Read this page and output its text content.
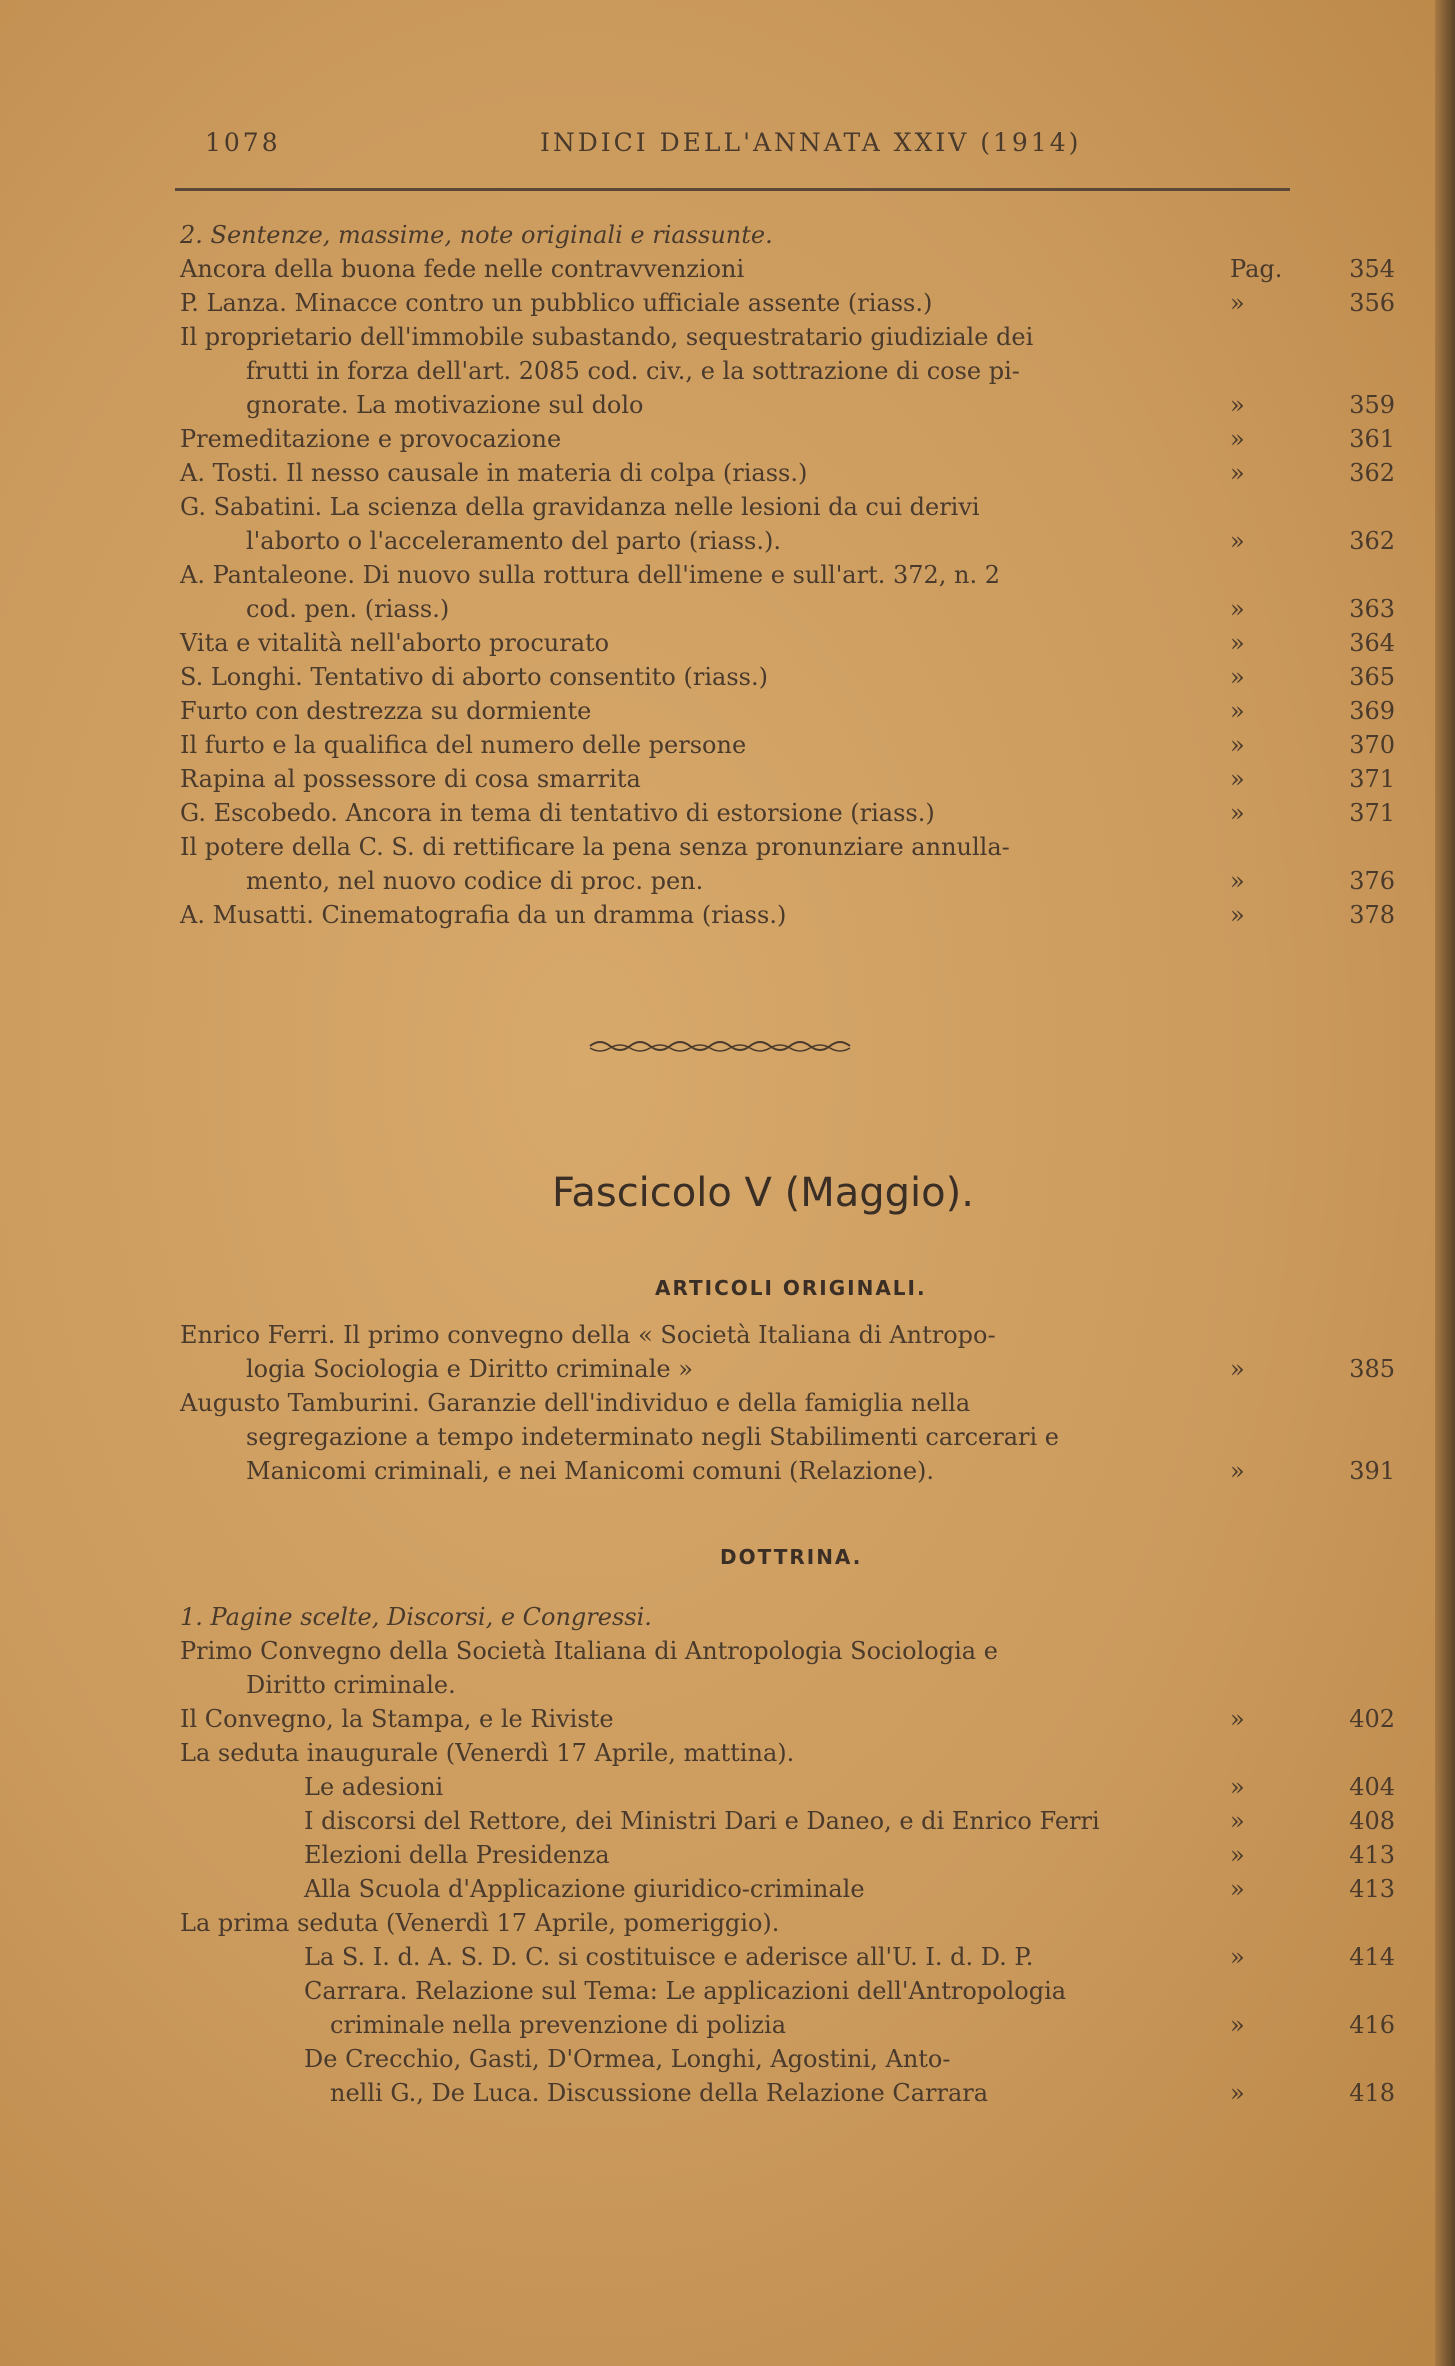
1078	INDICI DELL'ANNATA XXIV (1914)
2. Sentenze, massime, note originali e riassunte.
Ancora della buona fede nelle contravvenzioni	Pag.	354
P. Lanza. Minacce contro un pubblico ufficiale assente (riass.)	»	356
Il proprietario dell'immobile subastando, sequestratario giudiziale dei
frutti in forza dell'art. 2085 cod. civ., e la sottrazione di cose pi-
gnorate. La motivazione sul dolo	»	359
Premeditazione e provocazione	»	361
A. Tosti. Il nesso causale in materia di colpa (riass.)	»	362
G. Sabatini. La scienza della gravidanza nelle lesioni da cui derivi
l'aborto o l'acceleramento del parto (riass.).	»	362
A. Pantaleone. Di nuovo sulla rottura dell'imene e sull'art. 372, n. 2
cod. pen. (riass.)	»	363
Vita e vitalità nell'aborto procurato	»	364
S. Longhi. Tentativo di aborto consentito (riass.)	»	365
Furto con destrezza su dormiente	»	369
Il furto e la qualifica del numero delle persone	»	370
Rapina al possessore di cosa smarrita	»	371
G. Escobedo. Ancora in tema di tentativo di estorsione (riass.)	»	371
Il potere della C. S. di rettificare la pena senza pronunziare annulla-
mento, nel nuovo codice di proc. pen.	»	376
A. Musatti. Cinematografia da un dramma (riass.)	»	378
Fascicolo V (Maggio).
ARTICOLI ORIGINALI.
Enrico Ferri. Il primo convegno della « Società Italiana di Antropo-
logia Sociologia e Diritto criminale »	»	385
Augusto Tamburini. Garanzie dell'individuo e della famiglia nella
segregazione a tempo indeterminato negli Stabilimenti carcerari e
Manicomi criminali, e nei Manicomi comuni (Relazione).	»	391
DOTTRINA.
1. Pagine scelte, Discorsi, e Congressi.
Primo Convegno della Società Italiana di Antropologia Sociologia e
Diritto criminale.
Il Convegno, la Stampa, e le Riviste	»	402
La seduta inaugurale (Venerdì 17 Aprile, mattina).
Le adesioni	»	404
I discorsi del Rettore, dei Ministri Dari e Daneo, e di Enrico Ferri	»	408
Elezioni della Presidenza	»	413
Alla Scuola d'Applicazione giuridico-criminale	»	413
La prima seduta (Venerdì 17 Aprile, pomeriggio).
La S. I. d. A. S. D. C. si costituisce e aderisce all'U. I. d. D. P.	»	414
Carrara. Relazione sul Tema: Le applicazioni dell'Antropologia
criminale nella prevenzione di polizia	»	416
De Crecchio, Gasti, D'Ormea, Longhi, Agostini, Anto-
nelli G., De Luca. Discussione della Relazione Carrara	»	418
